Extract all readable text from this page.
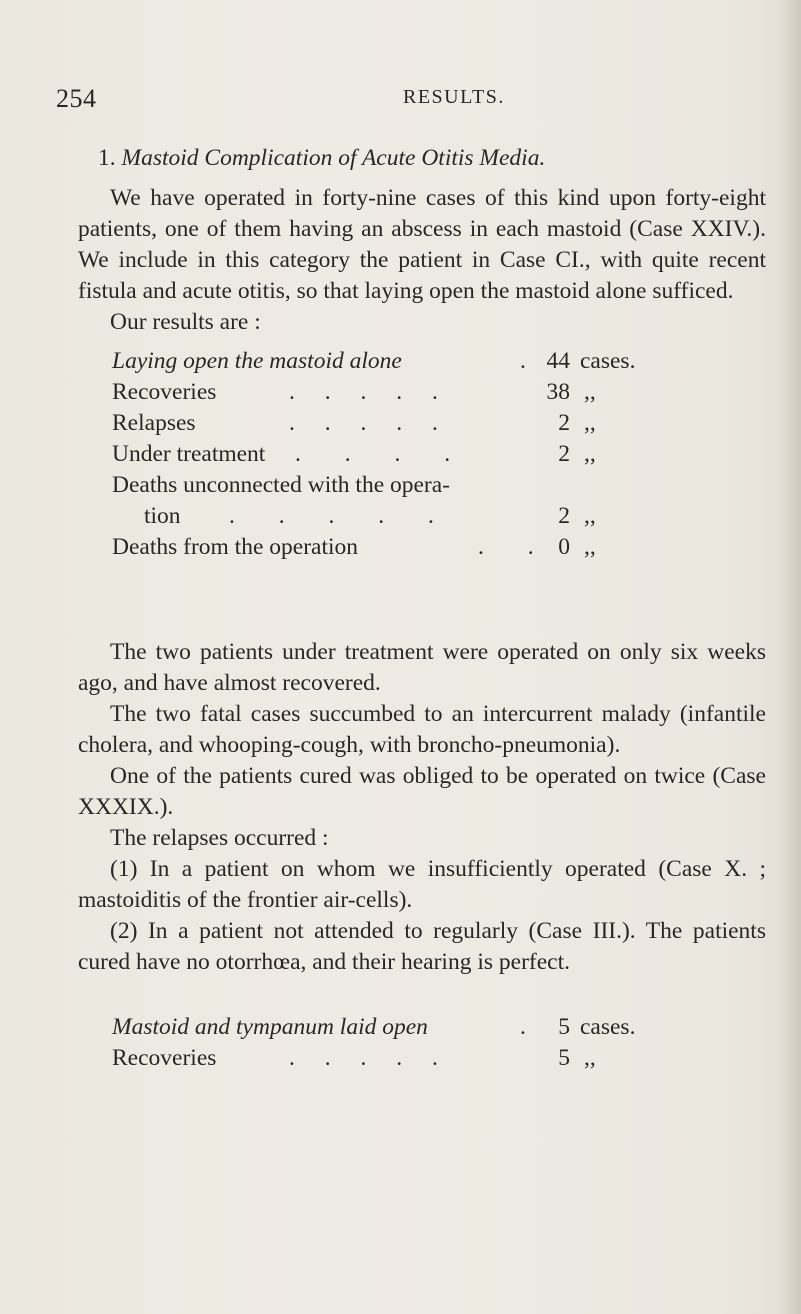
254	RESULTS.

1. Mastoid Complication of Acute Otitis Media.

We have operated in forty-nine cases of this kind upon forty-eight patients, one of them having an abscess in each mastoid (Case XXIV.). We include in this category the patient in Case CI., with quite recent fistula and acute otitis, so that laying open the mastoid alone sufficed.

Our results are :

Laying open the mastoid alone	. 44 cases.
Recoveries	. . . . .	38 ,,
Relapses	. . . . .	2 ,,
Under treatment . . . .	2 ,,
Deaths unconnected with the opera-
tion . . . . .	2 ,,
Deaths from the operation	. .	0 ,,

The two patients under treatment were operated on only six weeks ago, and have almost recovered.

The two fatal cases succumbed to an intercurrent malady (infantile cholera, and whooping-cough, with broncho-pneumonia).

One of the patients cured was obliged to be operated on twice (Case XXXIX.).

The relapses occurred :

(1) In a patient on whom we insufficiently operated (Case X. ; mastoiditis of the frontier air-cells).

(2) In a patient not attended to regularly (Case III.). The patients cured have no otorrhœa, and their hearing is perfect.

Mastoid and tympanum laid open	.	5 cases.
Recoveries	. . . . .	5 ,,
